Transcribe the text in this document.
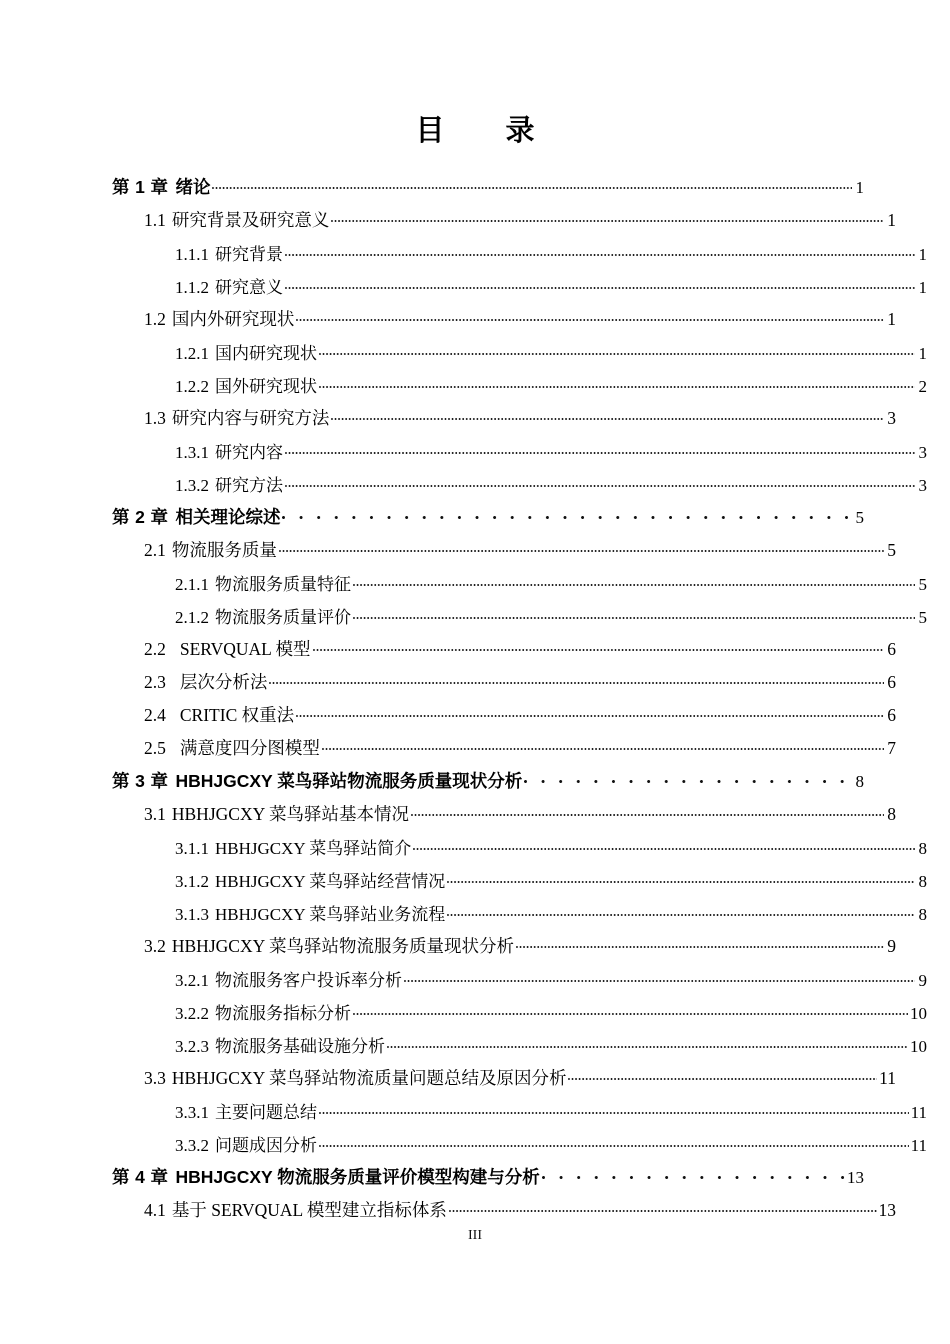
目　录
第 1 章 绪论	1
1.1 研究背景及研究意义	1
1.1.1 研究背景	1
1.1.2 研究意义	1
1.2 国内外研究现状	1
1.2.1 国内研究现状	1
1.2.2 国外研究现状	2
1.3 研究内容与研究方法	3
1.3.1 研究内容	3
1.3.2 研究方法	3
第 2 章 相关理论综述	5
2.1 物流服务质量	5
2.1.1 物流服务质量特征	5
2.1.2 物流服务质量评价	5
2.2 SERVQUAL 模型	6
2.3 层次分析法	6
2.4 CRITIC 权重法	6
2.5 满意度四分图模型	7
第 3 章 HBHJGCXY 菜鸟驿站物流服务质量现状分析	8
3.1 HBHJGCXY 菜鸟驿站基本情况	8
3.1.1 HBHJGCXY 菜鸟驿站简介	8
3.1.2 HBHJGCXY 菜鸟驿站经营情况	8
3.1.3 HBHJGCXY 菜鸟驿站业务流程	8
3.2 HBHJGCXY 菜鸟驿站物流服务质量现状分析	9
3.2.1 物流服务客户投诉率分析	9
3.2.2 物流服务指标分析	10
3.2.3 物流服务基础设施分析	10
3.3 HBHJGCXY 菜鸟驿站物流质量问题总结及原因分析	11
3.3.1 主要问题总结	11
3.3.2 问题成因分析	11
第 4 章 HBHJGCXY 物流服务质量评价模型构建与分析	13
4.1 基于 SERVQUAL 模型建立指标体系	13
III
